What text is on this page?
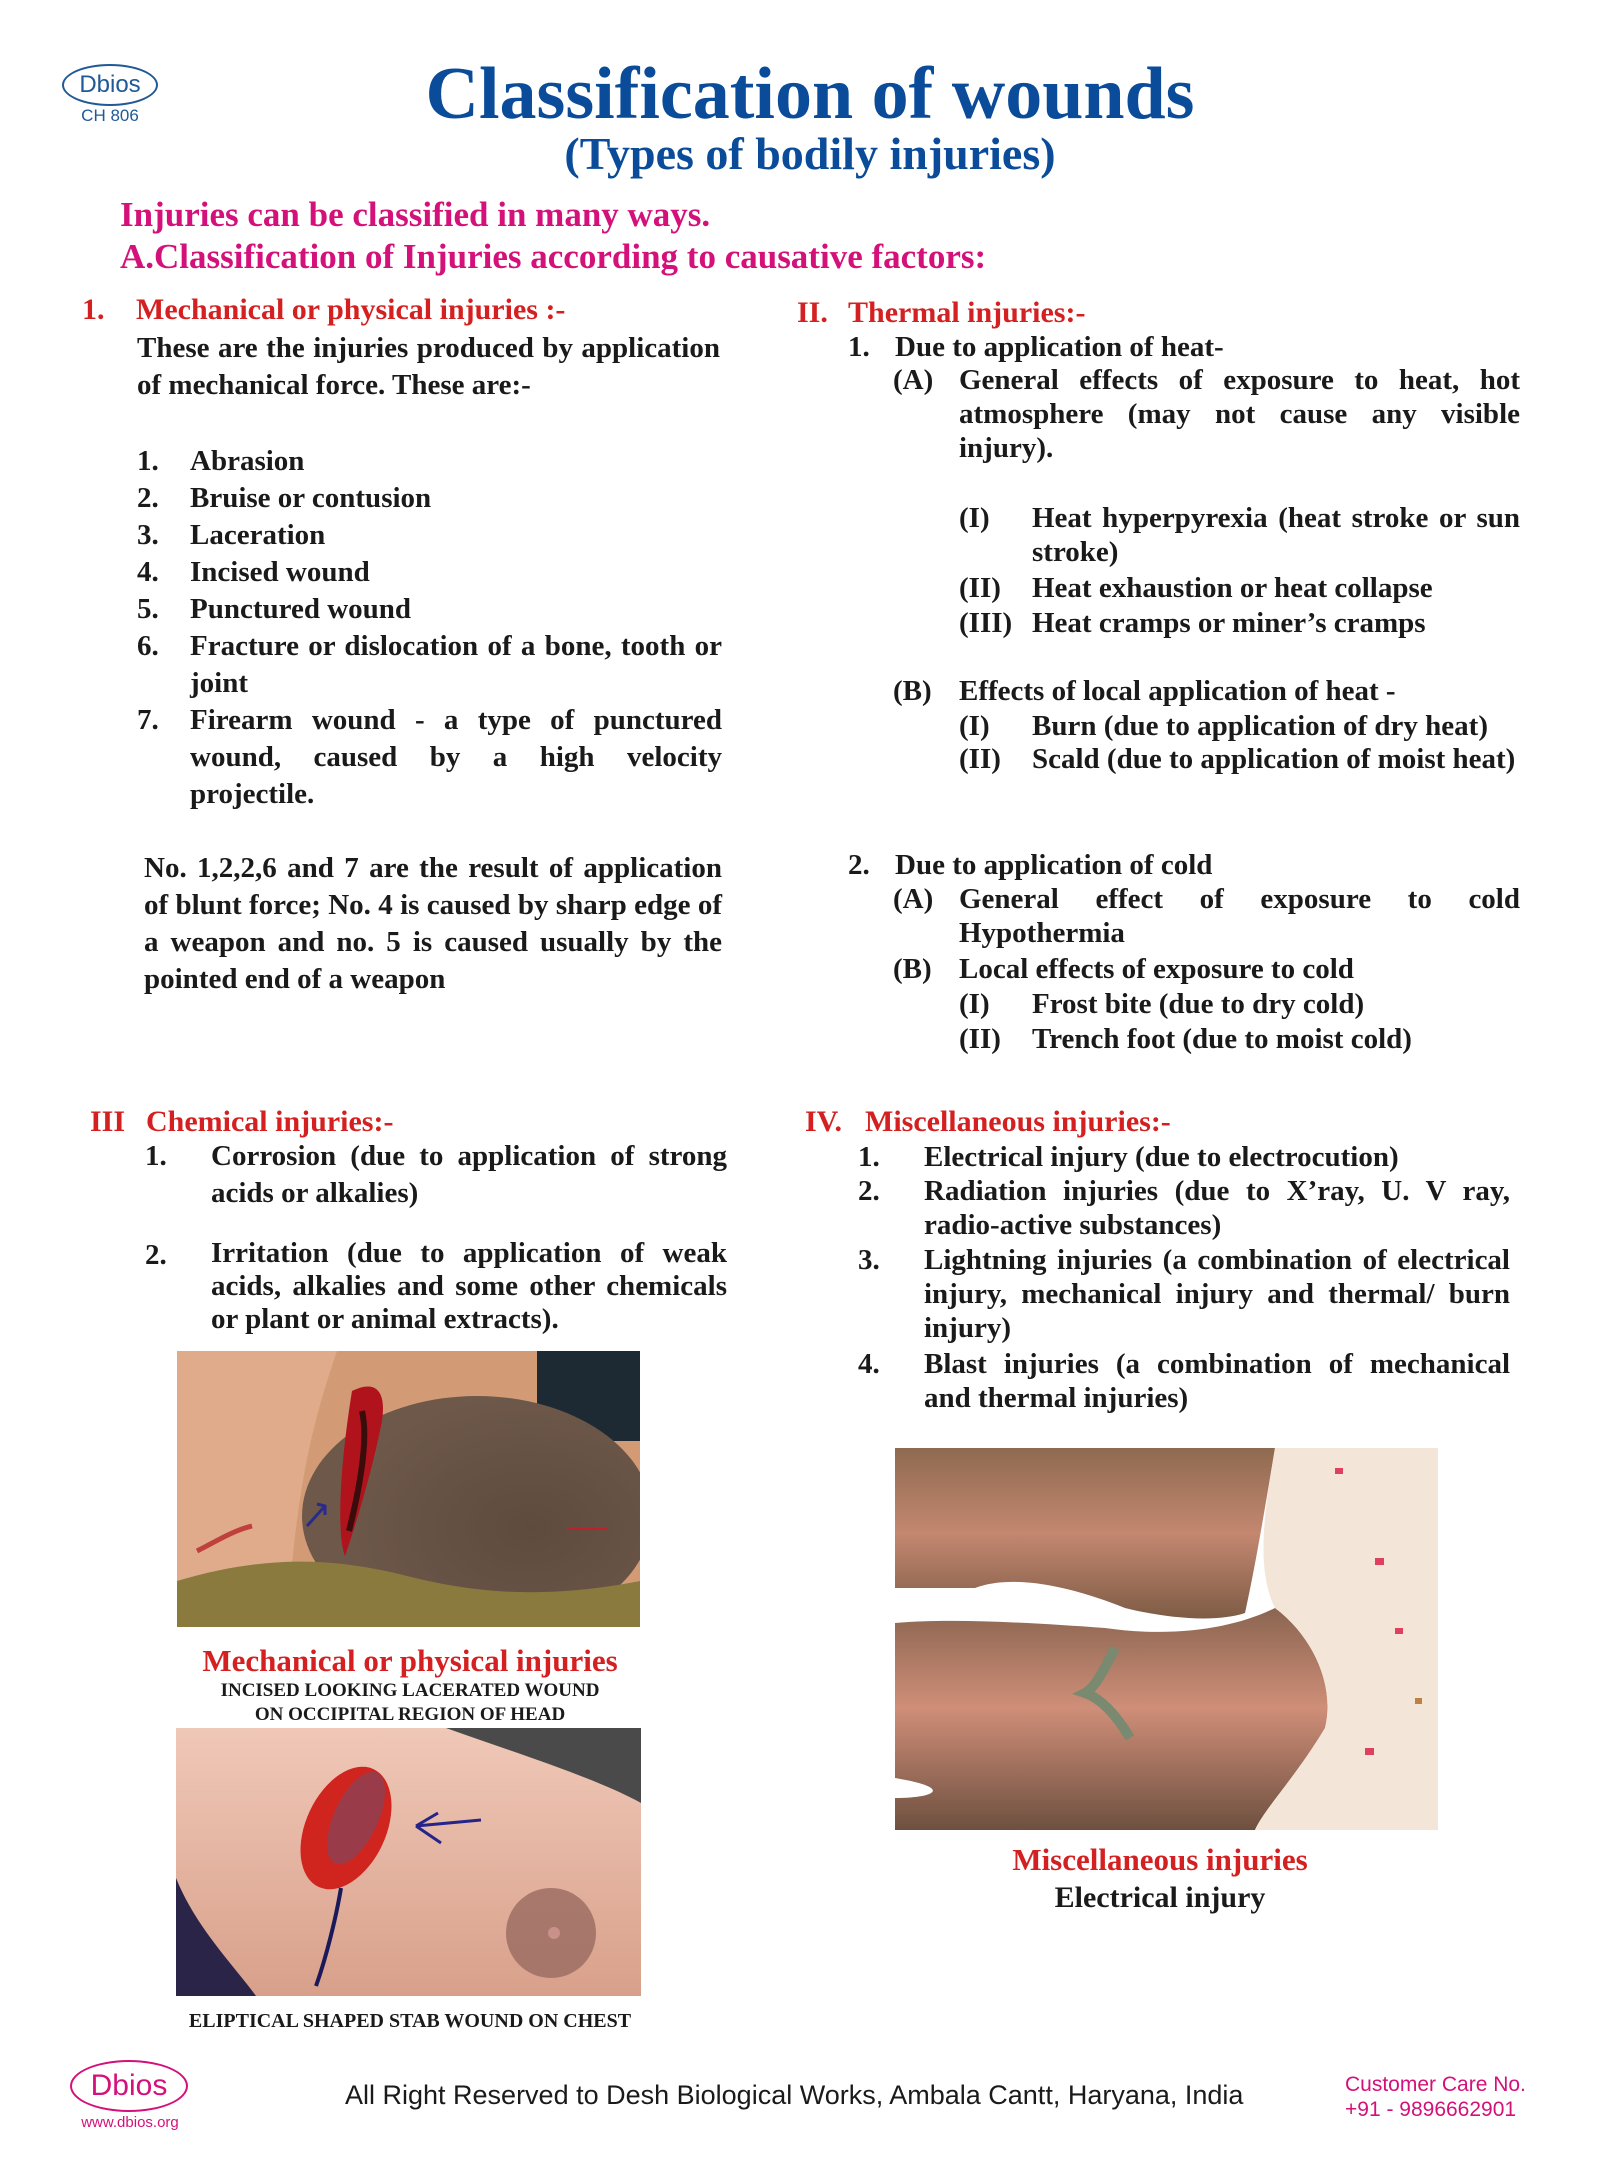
Dbios
CH 806	Classification of wounds
(Types of bodily injuries)
Injuries can be classified in many ways.
A.Classification of Injuries according to causative factors:
1.	Mechanical or physical injuries :-
These are the injuries produced by application of mechanical force. These are:-
1.	Abrasion
2.	Bruise or contusion
3.	Laceration
4.	Incised wound
5.	Punctured wound
6.	Fracture or dislocation of a bone, tooth or joint
7.	Firearm wound - a type of punctured wound, caused by a high velocity projectile.
No. 1,2,2,6 and 7 are the result of application of blunt force; No. 4 is caused by sharp edge of a weapon and no. 5 is caused usually by the pointed end of a weapon
III Chemical injuries:-
1.	Corrosion (due to application of strong acids or alkalies)
2.	Irritation (due to application of weak acids, alkalies and some other chemicals or plant or animal extracts).
Mechanical or physical injuries
INCISED LOOKING LACERATED WOUND
ON OCCIPITAL REGION OF HEAD
ELIPTICAL SHAPED STAB WOUND ON CHEST
II. Thermal injuries:-
1. Due to application of heat-
(A) General effects of exposure to heat, hot atmosphere (may not cause any visible injury).
(I)	Heat hyperpyrexia (heat stroke or sun stroke)
(II)	Heat exhaustion or heat collapse
(III) Heat cramps or miner’s cramps
(B) Effects of local application of heat -
(I)	Burn (due to application of dry heat)
(II)	Scald (due to application of moist heat)
2. Due to application of cold
(A) General effect of exposure to cold Hypothermia
(B) Local effects of exposure to cold
(I)	Frost bite (due to dry cold)
(II)	Trench foot (due to moist cold)
IV. Miscellaneous injuries:-
1.	Electrical injury (due to electrocution)
2.	Radiation injuries (due to X’ray, U. V ray, radio-active substances)
3.	Lightning injuries (a combination of electrical injury, mechanical injury and thermal/ burn injury)
4.	Blast injuries (a combination of mechanical and thermal injuries)
Miscellaneous injuries
Electrical injury
Dbios
www.dbios.org
All Right Reserved to Desh Biological Works, Ambala Cantt, Haryana, India	Customer Care No.
+91 - 9896662901
